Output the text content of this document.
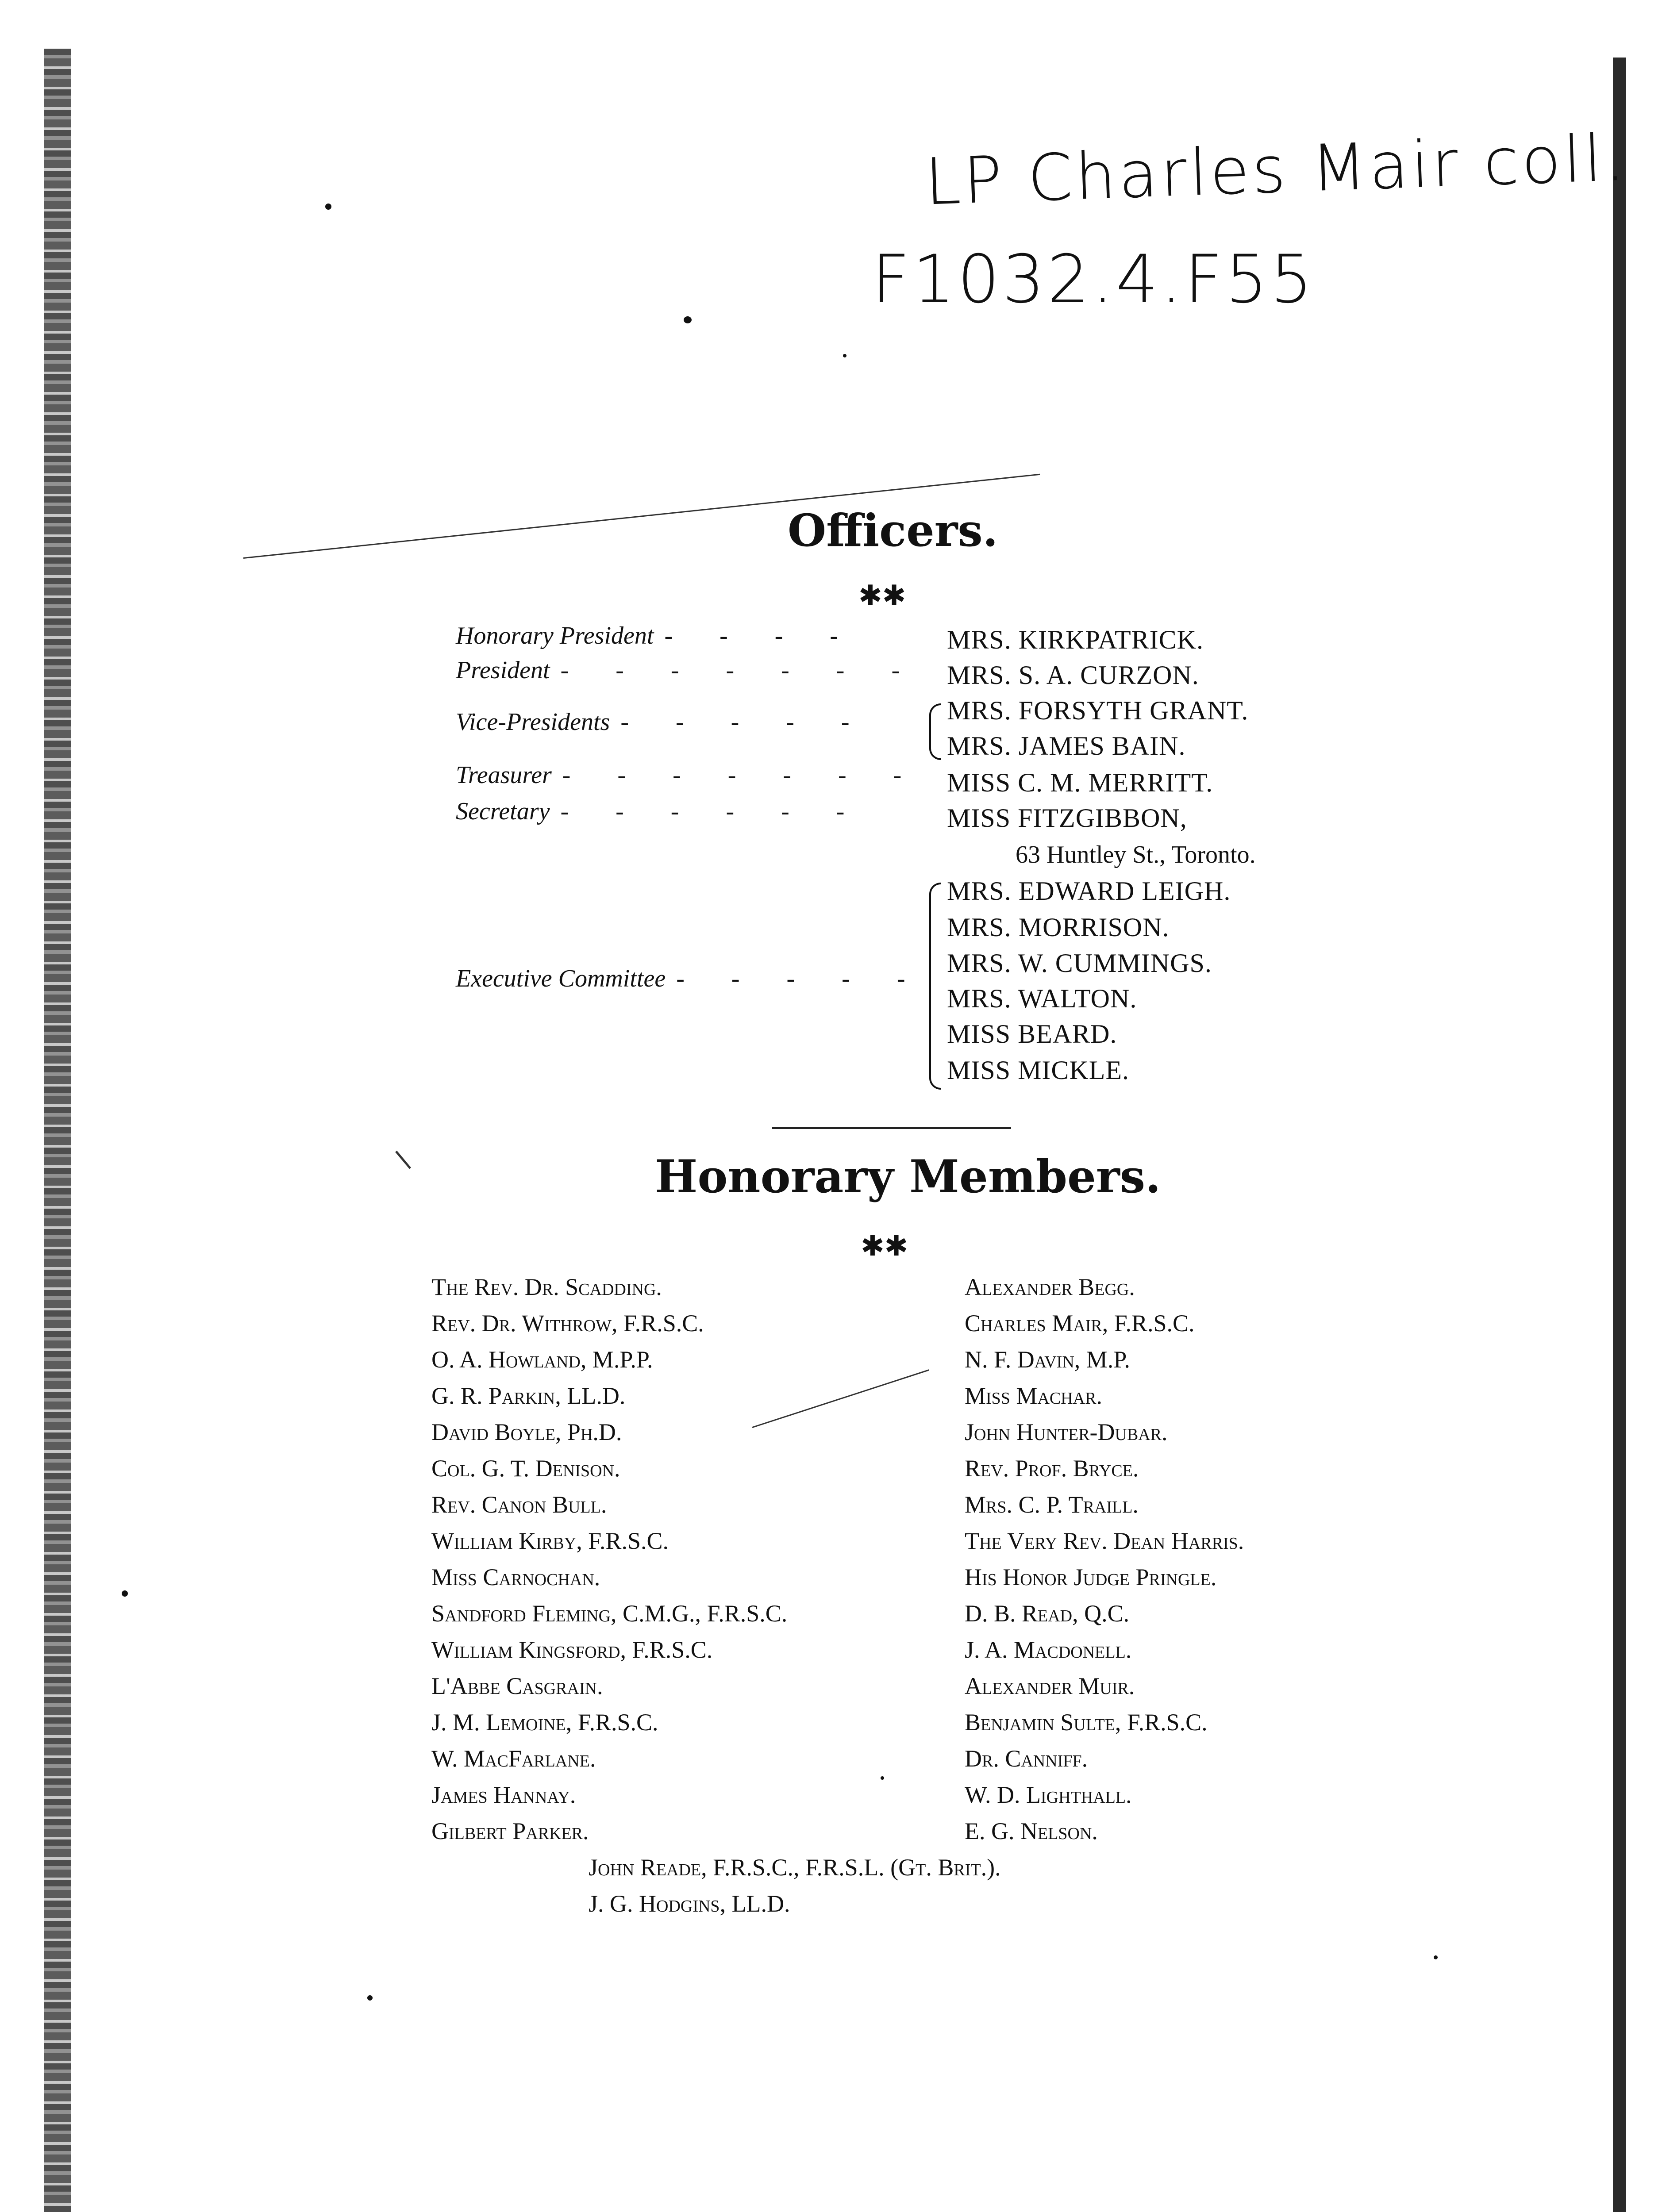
LP Charles Mair coll.
F1032.4.F55
Officers.
✱✱
Honorary President - - - -	MRS. KIRKPATRICK.
President - - - - - - - MRS. S. A. CURZON.
Vice-Presidents - - - - -	MRS. FORSYTH GRANT.
MRS. JAMES BAIN.
Treasurer - - - - - - - MISS C. M. MERRITT.
Secretary - - - - - -	MISS FITZGIBBON,
63 Huntley St., Toronto.
Executive Committee - - - - -
MRS. EDWARD LEIGH.
MRS. MORRISON.
MRS. W. CUMMINGS.
MRS. WALTON.
MISS BEARD.
MISS MICKLE.
Honorary Members.
✱✱
The Rev. Dr. Scadding.
Rev. Dr. Withrow, F.R.S.C.
O. A. Howland, M.P.P.
G. R. Parkin, LL.D.
David Boyle, Ph.D.
Col. G. T. Denison.
Rev. Canon Bull.
William Kirby, F.R.S.C.
Miss Carnochan.
Sandford Fleming, C.M.G., F.R.S.C.
William Kingsford, F.R.S.C.
L'Abbe Casgrain.
J. M. Lemoine, F.R.S.C.
W. MacFarlane.
James Hannay.
Gilbert Parker.
Alexander Begg.
Charles Mair, F.R.S.C.
N. F. Davin, M.P.
Miss Machar.
John Hunter-Dubar.
Rev. Prof. Bryce.
Mrs. C. P. Traill.
The Very Rev. Dean Harris.
His Honor Judge Pringle.
D. B. Read, Q.C.
J. A. Macdonell.
Alexander Muir.
Benjamin Sulte, F.R.S.C.
Dr. Canniff.
W. D. Lighthall.
E. G. Nelson.
John Reade, F.R.S.C., F.R.S.L. (Gt. Brit.).
J. G. Hodgins, LL.D.
